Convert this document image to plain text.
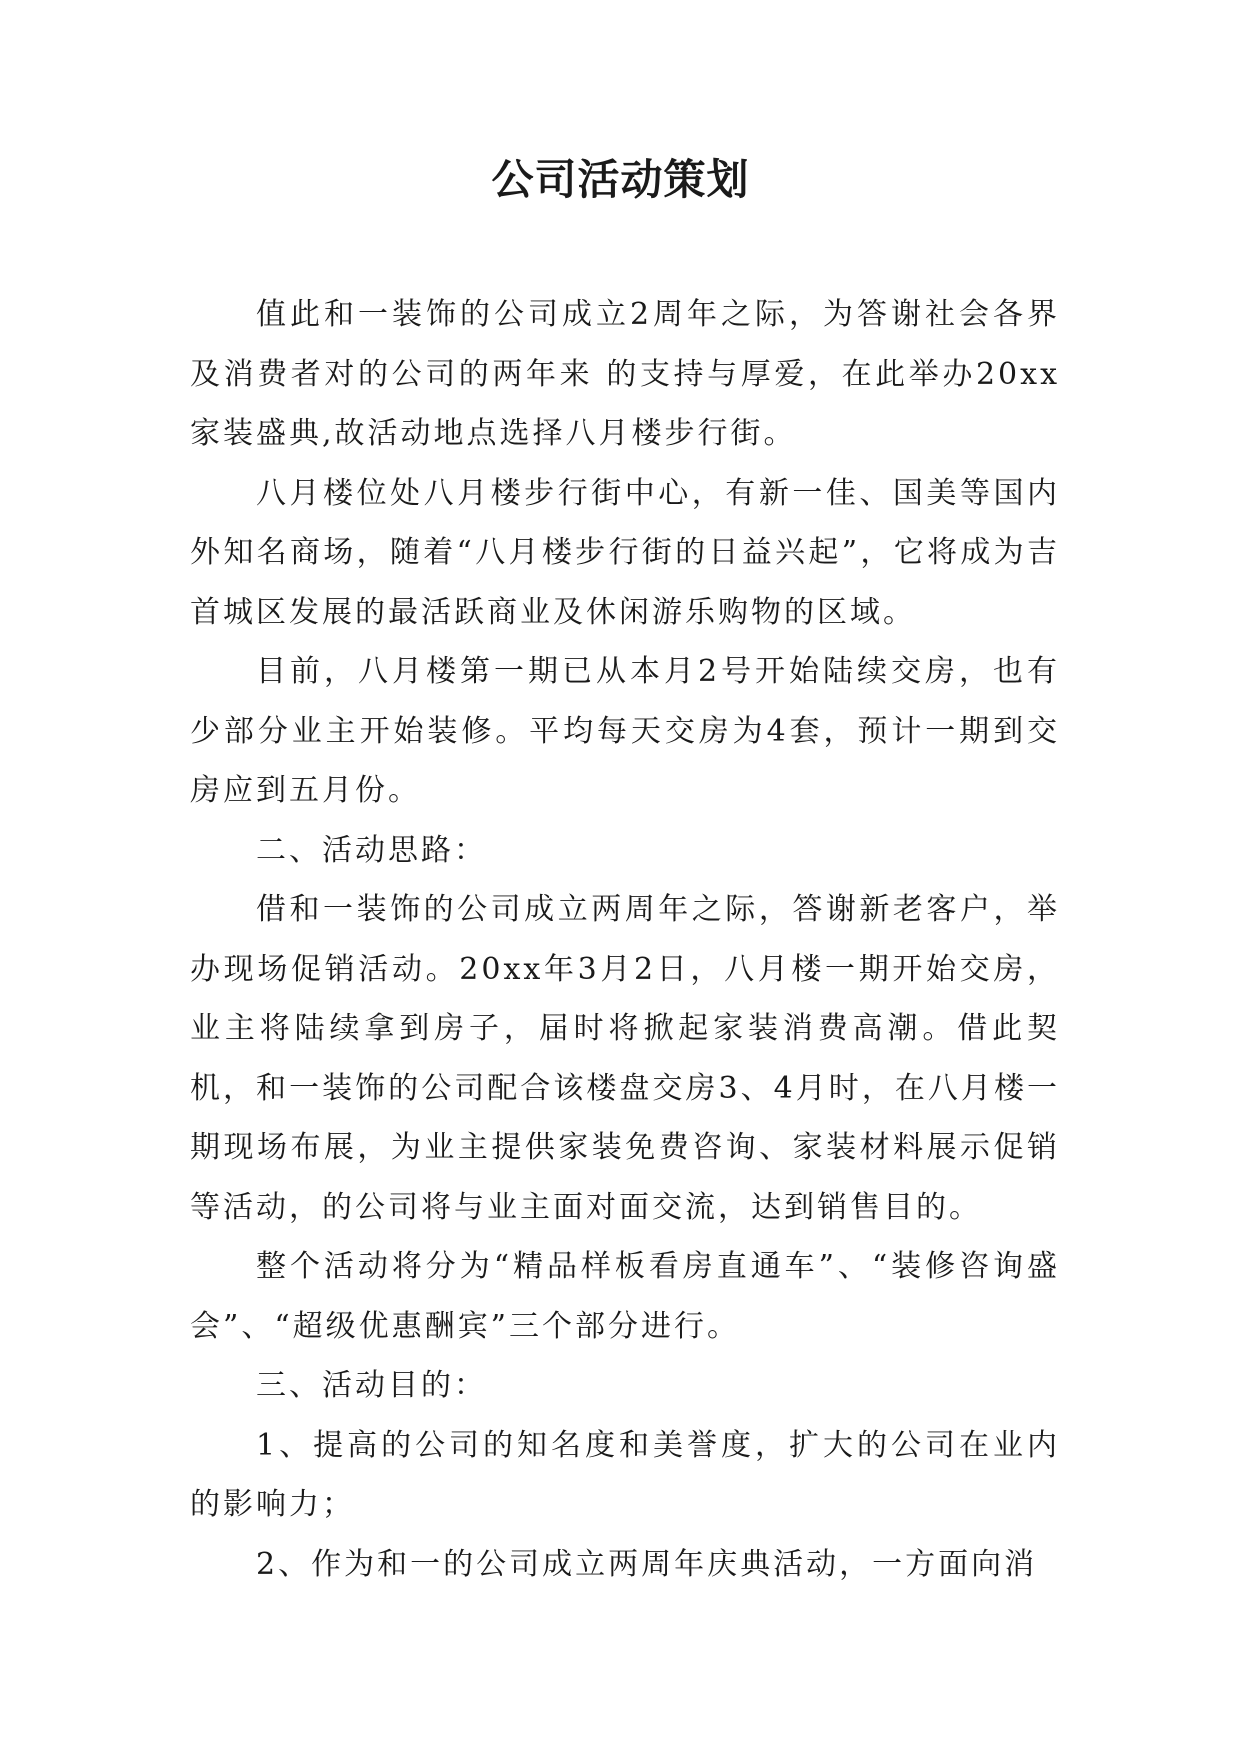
公司活动策划

值此和一装饰的公司成立2周年之际，为答谢社会各界及消费者对的公司的两年来 的支持与厚爱，在此举办20xx家装盛典,故活动地点选择八月楼步行街。

八月楼位处八月楼步行街中心，有新一佳、国美等国内外知名商场，随着“八月楼步行街的日益兴起”，它将成为吉首城区发展的最活跃商业及休闲游乐购物的区域。

目前，八月楼第一期已从本月2号开始陆续交房，也有少部分业主开始装修。平均每天交房为4套，预计一期到交房应到五月份。

二、活动思路：

借和一装饰的公司成立两周年之际，答谢新老客户，举办现场促销活动。20xx年3月2日，八月楼一期开始交房，业主将陆续拿到房子，届时将掀起家装消费高潮。借此契机，和一装饰的公司配合该楼盘交房3、4月时，在八月楼一期现场布展，为业主提供家装免费咨询、家装材料展示促销等活动，的公司将与业主面对面交流，达到销售目的。

整个活动将分为“精品样板看房直通车”、“装修咨询盛会”、“超级优惠酬宾”三个部分进行。

三、活动目的：

1、提高的公司的知名度和美誉度，扩大的公司在业内的影响力；

2、作为和一的公司成立两周年庆典活动，一方面向消
